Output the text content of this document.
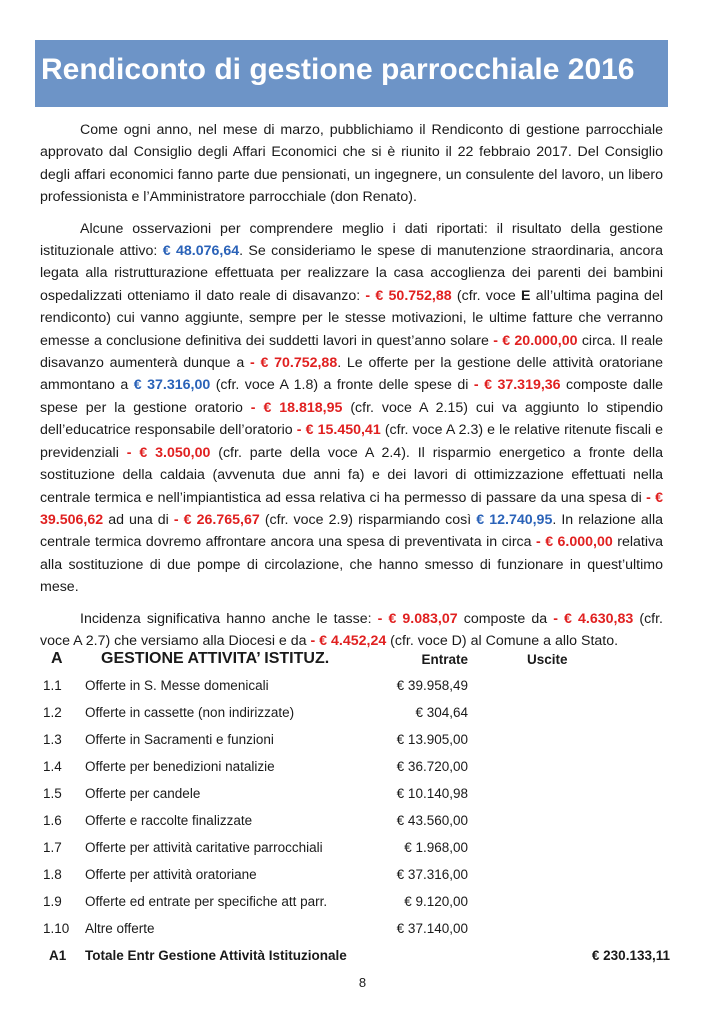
Rendiconto di gestione parrocchiale 2016

Come ogni anno, nel mese di marzo, pubblichiamo il Rendiconto di gestione parrocchiale approvato dal Consiglio degli Affari Economici che si è riunito il 22 febbraio 2017. Del Consiglio degli affari economici fanno parte due pensionati, un ingegnere, un consulente del lavoro, un libero professionista e l’Amministratore parrocchiale (don Renato).

Alcune osservazioni per comprendere meglio i dati riportati: il risultato della gestione istituzionale attivo: € 48.076,64. Se consideriamo le spese di manutenzione straordinaria, ancora legata alla ristrutturazione effettuata per realizzare la casa accoglienza dei parenti dei bambini ospedalizzati otteniamo il dato reale di disavanzo: - € 50.752,88 (cfr. voce E all’ultima pagina del rendiconto) cui vanno aggiunte, sempre per le stesse motivazioni, le ultime fatture che verranno emesse a conclusione definitiva dei suddetti lavori in quest’anno solare - € 20.000,00 circa. Il reale disavanzo aumenterà dunque a - € 70.752,88. Le offerte per la gestione delle attività oratoriane ammontano a € 37.316,00 (cfr. voce A 1.8) a fronte delle spese di - € 37.319,36 composte dalle spese per la gestione oratorio - € 18.818,95 (cfr. voce A 2.15) cui va aggiunto lo stipendio dell’educatrice responsabile dell’oratorio - € 15.450,41 (cfr. voce A 2.3) e le relative ritenute fiscali e previdenziali - € 3.050,00 (cfr. parte della voce A 2.4). Il risparmio energetico a fronte della sostituzione della caldaia (avvenuta due anni fa) e dei lavori di ottimizzazione effettuati nella centrale termica e nell’impiantistica ad essa relativa ci ha permesso di passare da una spesa di - € 39.506,62 ad una di - € 26.765,67 (cfr. voce 2.9) risparmiando così € 12.740,95. In relazione alla centrale termica dovremo affrontare ancora una spesa di preventivata in circa - € 6.000,00 relativa alla sostituzione di due pompe di circolazione, che hanno smesso di funzionare in quest’ultimo mese.

Incidenza significativa hanno anche le tasse: - € 9.083,07 composte da - € 4.630,83 (cfr. voce A 2.7) che versiamo alla Diocesi e da - € 4.452,24 (cfr. voce D) al Comune a allo Stato.

A GESTIONE ATTIVITA’ ISTITUZ.	Entrate	Uscite
1.1 Offerte in S. Messe domenicali	€ 39.958,49
1.2 Offerte in cassette (non indirizzate)	€ 304,64
1.3 Offerte in Sacramenti e funzioni	€ 13.905,00
1.4 Offerte per benedizioni natalizie	€ 36.720,00
1.5 Offerte per candele	€ 10.140,98
1.6 Offerte e raccolte finalizzate	€ 43.560,00
1.7 Offerte per attività caritative parrocchiali	€ 1.968,00
1.8 Offerte per attività oratoriane	€ 37.316,00
1.9 Offerte ed entrate per specifiche att parr.	€ 9.120,00
1.10 Altre offerte	€ 37.140,00
A1 Totale Entr Gestione Attività Istituzionale	€ 230.133,11
8
